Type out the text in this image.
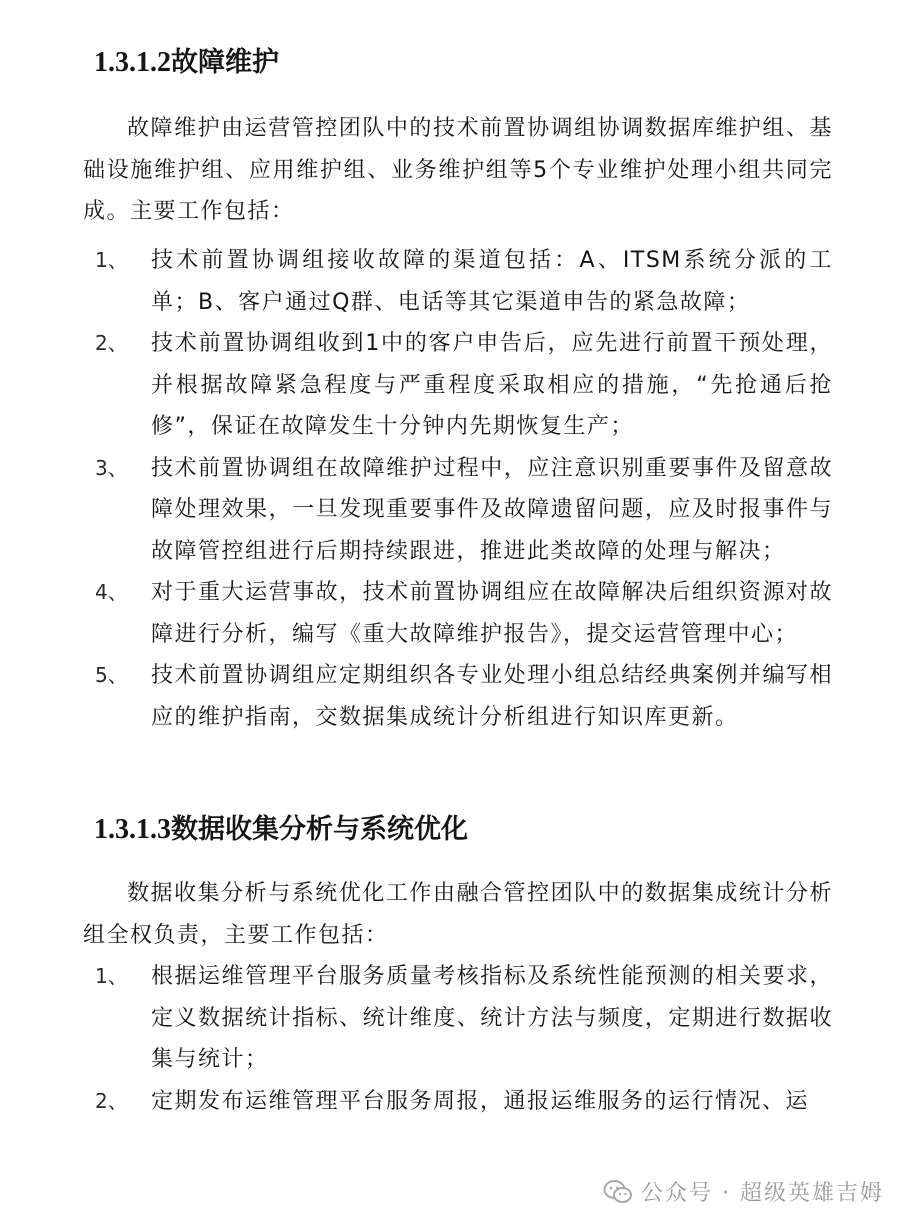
1.3.1.2故障维护
故障维护由运营管控团队中的技术前置协调组协调数据库维护组、基础设施维护组、应用维护组、业务维护组等5个专业维护处理小组共同完成。主要工作包括：
1、	技术前置协调组接收故障的渠道包括：A、ITSM系统分派的工单；B、客户通过Q群、电话等其它渠道申告的紧急故障；
2、	技术前置协调组收到1中的客户申告后，应先进行前置干预处理，并根据故障紧急程度与严重程度采取相应的措施，“先抢通后抢修”，保证在故障发生十分钟内先期恢复生产；
3、	技术前置协调组在故障维护过程中，应注意识别重要事件及留意故障处理效果，一旦发现重要事件及故障遗留问题，应及时报事件与故障管控组进行后期持续跟进，推进此类故障的处理与解决；
4、	对于重大运营事故，技术前置协调组应在故障解决后组织资源对故障进行分析，编写《重大故障维护报告》，提交运营管理中心；
5、	技术前置协调组应定期组织各专业处理小组总结经典案例并编写相应的维护指南，交数据集成统计分析组进行知识库更新。
1.3.1.3数据收集分析与系统优化
数据收集分析与系统优化工作由融合管控团队中的数据集成统计分析组全权负责，主要工作包括：
1、	根据运维管理平台服务质量考核指标及系统性能预测的相关要求，定义数据统计指标、统计维度、统计方法与频度，定期进行数据收集与统计；
2、	定期发布运维管理平台服务周报，通报运维服务的运行情况、运
公众号 · 超级英雄吉姆
